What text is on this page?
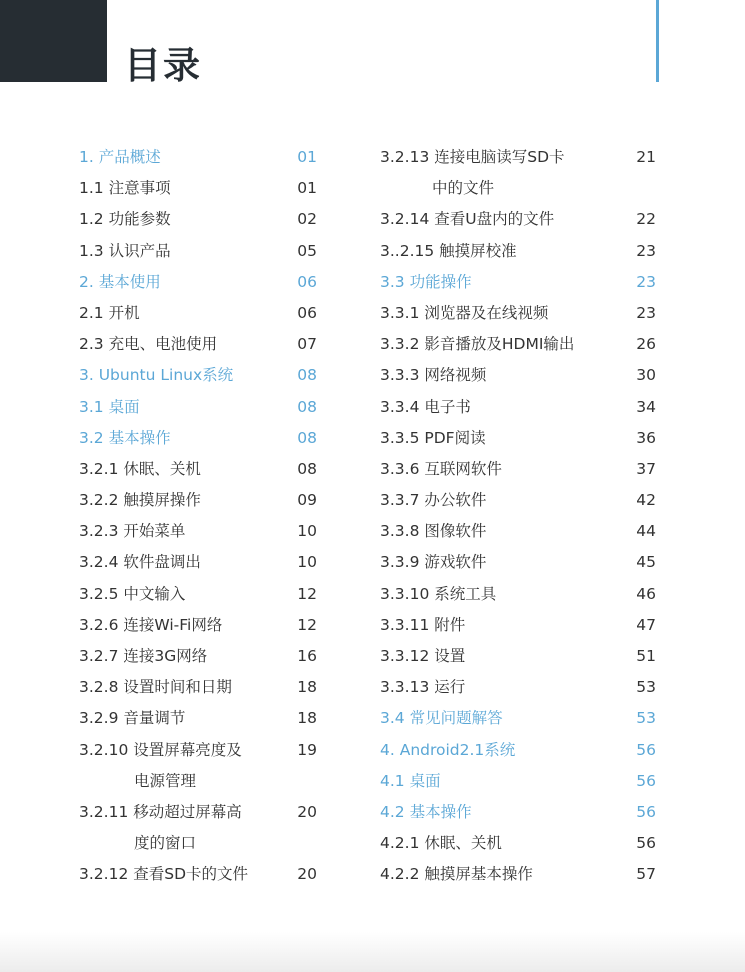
目录
1. 产品概述	01
1.1 注意事项	01
1.2 功能参数	02
1.3 认识产品	05
2. 基本使用	06
2.1 开机	06
2.3 充电、电池使用	07
3. Ubuntu Linux系统	08
3.1 桌面	08
3.2 基本操作	08
3.2.1 休眠、关机	08
3.2.2 触摸屏操作	09
3.2.3 开始菜单	10
3.2.4 软件盘调出	10
3.2.5 中文输入	12
3.2.6 连接Wi-Fi网络	12
3.2.7 连接3G网络	16
3.2.8 设置时间和日期	18
3.2.9 音量调节	18
3.2.10 设置屏幕亮度及	19
电源管理
3.2.11 移动超过屏幕高	20
度的窗口
3.2.12 查看SD卡的文件	20
3.2.13 连接电脑读写SD卡	21
中的文件
3.2.14 查看U盘内的文件	22
3..2.15 触摸屏校准	23
3.3 功能操作	23
3.3.1 浏览器及在线视频	23
3.3.2 影音播放及HDMI输出	26
3.3.3 网络视频	30
3.3.4 电子书	34
3.3.5 PDF阅读	36
3.3.6 互联网软件	37
3.3.7 办公软件	42
3.3.8 图像软件	44
3.3.9 游戏软件	45
3.3.10 系统工具	46
3.3.11 附件	47
3.3.12 设置	51
3.3.13 运行	53
3.4 常见问题解答	53
4. Android2.1系统	56
4.1 桌面	56
4.2 基本操作	56
4.2.1 休眠、关机	56
4.2.2 触摸屏基本操作	57
